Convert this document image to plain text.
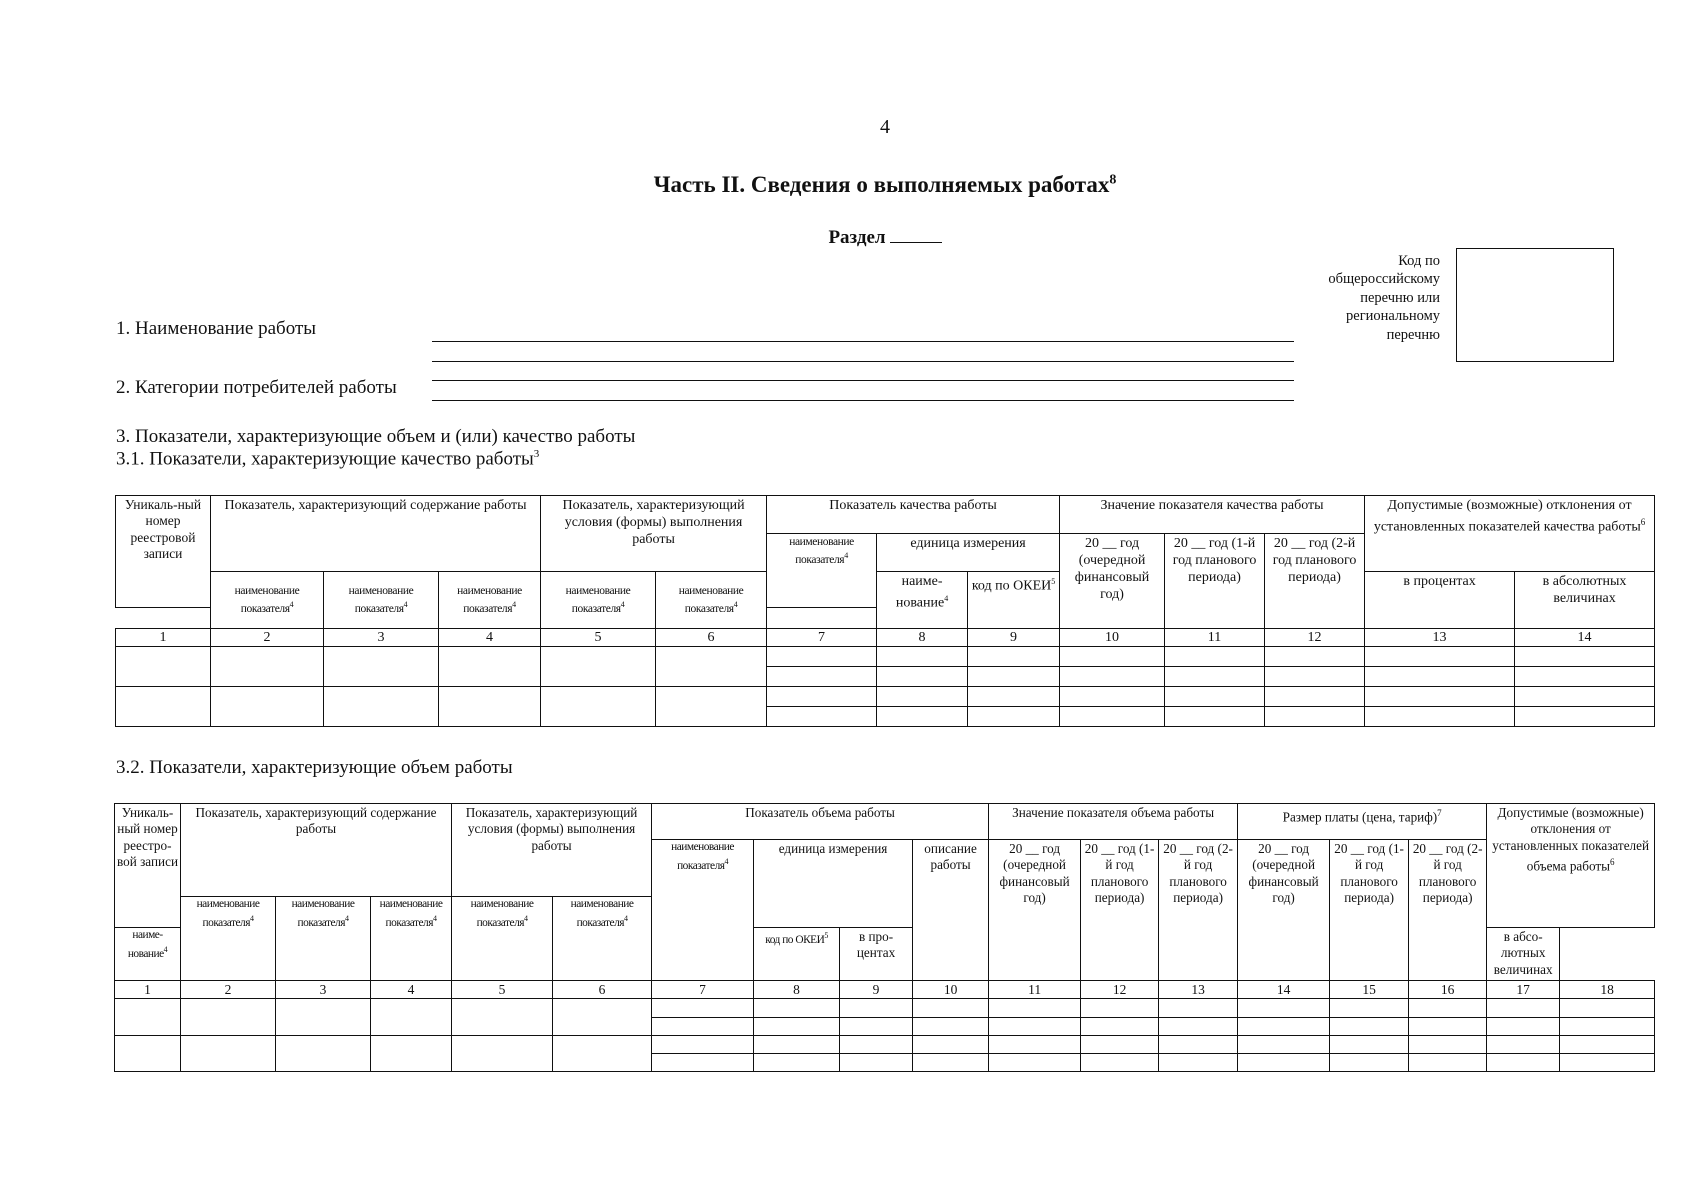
4
Часть II. Сведения о выполняемых работах$^8$
Раздел
Код по общероссийскому перечню или региональному перечню
1. Наименование работы
2. Категории потребителей работы
3. Показатели, характеризующие объем и (или) качество работы
3.1. Показатели, характеризующие качество работы$^3$
Уникаль-ный номер реестровой записи	Показатель, характеризующий содержание работы			Показатель, характеризующий условия (формы) выполнения работы		Показатель качества работы			Значение показателя качества работы			Допустимые (возможные) отклонения от установленных показателей качества работы$^6$
						наименование показателя$^4$	единица измерения		20 __ год (очередной финансовый год)	20 __ год (1-й год планового периода)	20 __ год (2-й год планового периода)		
	наименование показателя$^4$	наименование показателя$^4$	наименование показателя$^4$	наименование показателя$^4$	наименование показателя$^4$		наиме-нование$^4$	код по ОКЕИ$^5$				в процентах	в абсолютных величинах

1	2	3	4	5	6	7	8	9	10	11	12	13	14

3.2. Показатели, характеризующие объем работы
Уникаль-ный номер реестро-вой записи	Показатель, характеризующий содержание работы			Показатель, характеризующий условия (формы) выполнения работы		Показатель объема работы				Значение показателя объема работы			Размер платы (цена, тариф)$^7$			Допустимые (возможные) отклонения от установленных показателей объема работы$^6$
						наименование показателя$^4$	единица измерения		описание работы	20 __ год (очередной финансовый год)	20 __ год (1-й год планового периода)	20 __ год (2-й год планового периода)	20 __ год (очередной финансовый год)	20 __ год (1-й год планового периода)	20 __ год (2-й год планового периода)		
	наименование показателя$^4$	наименование показателя$^4$	наименование показателя$^4$	наименование показателя$^4$	наименование показателя$^4$
наиме-нование$^4$							код по ОКЕИ$^5$	в про-центах								в абсо-лютных величинах	

1	2	3	4	5	6	7	8	9	10	11	12	13	14	15	16	17	18
